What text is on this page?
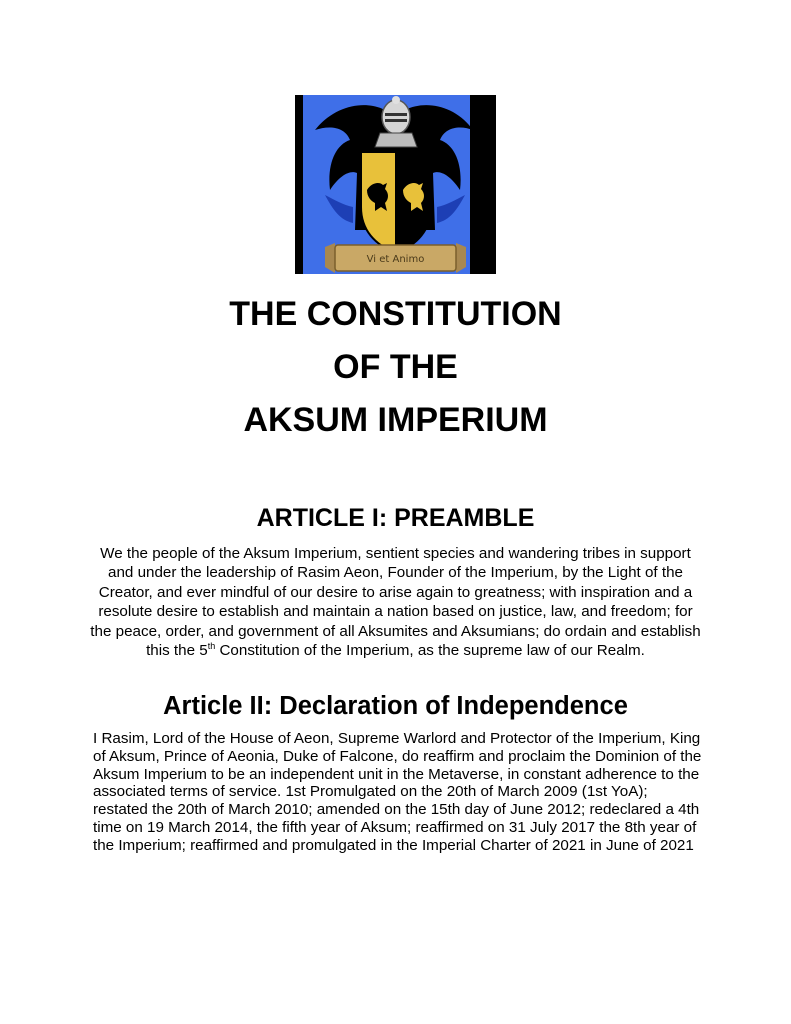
Vi et Animo
THE CONSTITUTION
OF THE
AKSUM IMPERIUM
ARTICLE I: PREAMBLE

We the people of the Aksum Imperium, sentient species and wandering tribes in support and under the leadership of Rasim Aeon, Founder of the Imperium, by the Light of the Creator, and ever mindful of our desire to arise again to greatness; with inspiration and a resolute desire to establish and maintain a nation based on justice, law, and freedom; for the peace, order, and government of all Aksumites and Aksumians; do ordain and establish this the 5th Constitution of the Imperium, as the supreme law of our Realm.

Article II: Declaration of Independence

I Rasim, Lord of the House of Aeon, Supreme Warlord and Protector of the Imperium, King of Aksum, Prince of Aeonia, Duke of Falcone, do reaffirm and proclaim the Dominion of the Aksum Imperium to be an independent unit in the Metaverse, in constant adherence to the associated terms of service. 1st Promulgated on the 20th of March 2009 (1st YoA); restated the 20th of March 2010; amended on the 15th day of June 2012; redeclared a 4th time on 19 March 2014, the fifth year of Aksum; reaffirmed on 31 July 2017 the 8th year of the Imperium; reaffirmed and promulgated in the Imperial Charter of 2021 in June of 2021
